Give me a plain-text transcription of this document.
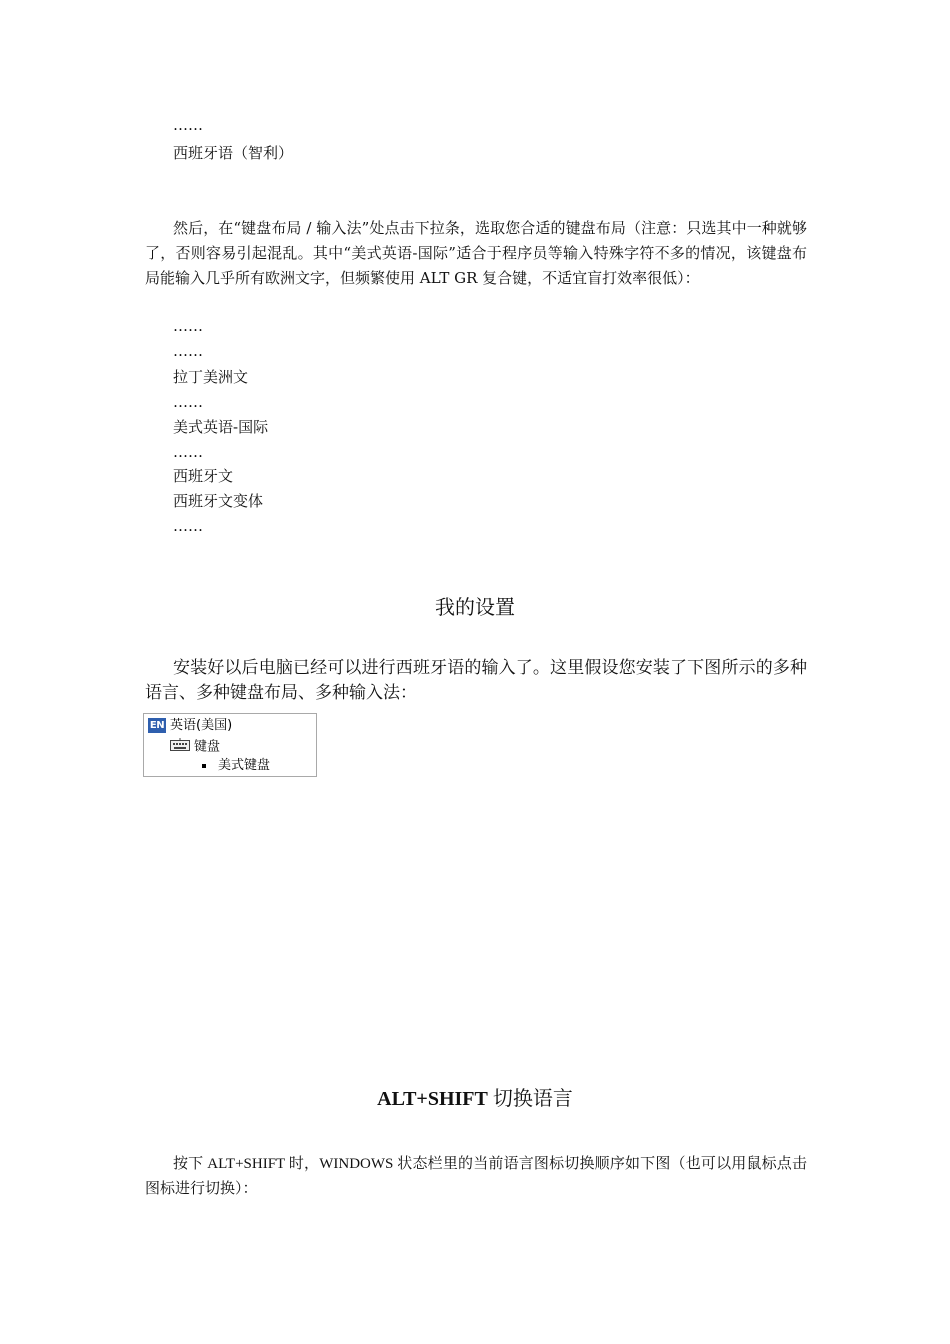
……
西班牙语（智利）
然后，在“键盘布局 / 输入法”处点击下拉条，选取您合适的键盘布局（注意：只选其中一种就够了，否则容易引起混乱。其中“美式英语-国际”适合于程序员等输入特殊字符不多的情况，该键盘布局能输入几乎所有欧洲文字，但频繁使用 ALT GR 复合键，不适宜盲打效率很低）：
……
……
拉丁美洲文
……
美式英语-国际
……
西班牙文
西班牙文变体
……
我的设置
安装好以后电脑已经可以进行西班牙语的输入了。这里假设您安装了下图所示的多种语言、多种键盘布局、多种输入法：
EN 英语(美国)
键盘
美式键盘
ALT+SHIFT 切换语言
按下 ALT+SHIFT 时，WINDOWS 状态栏里的当前语言图标切换顺序如下图（也可以用鼠标点击图标进行切换）：
